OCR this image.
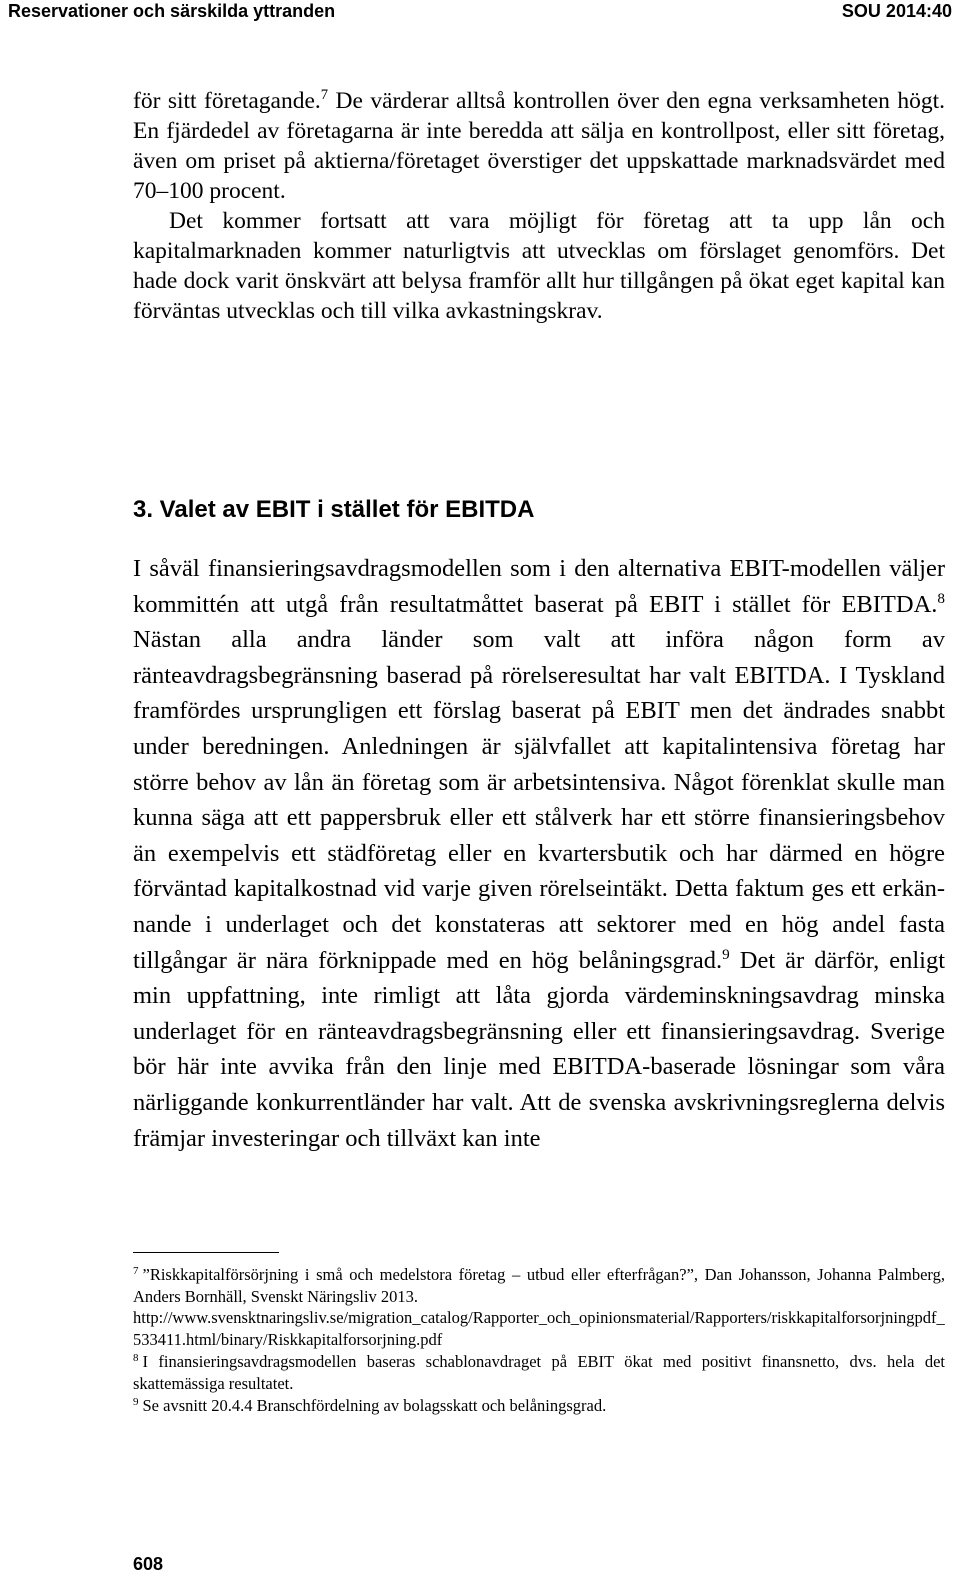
Reservationer och särskilda yttranden	SOU 2014:40

för sitt företagande.$^7$ De värderar alltså kontrollen över den egna verksamheten högt. En fjärdedel av företagarna är inte beredda att sälja en kontrollpost, eller sitt företag, även om priset på aktierna/företaget överstiger det uppskattade marknadsvärdet med 70–100 procent.

Det kommer fortsatt att vara möjligt för företag att ta upp lån och kapitalmarknaden kommer naturligtvis att utvecklas om förslaget genomförs. Det hade dock varit önskvärt att belysa framför allt hur tillgången på ökat eget kapital kan förväntas utvecklas och till vilka avkastningskrav.

3. Valet av EBIT i stället för EBITDA

I såväl finansieringsavdragsmodellen som i den alternativa EBIT-modellen väljer kommittén att utgå från resultatmåttet baserat på EBIT i stället för EBITDA.$^8$ Nästan alla andra länder som valt att införa någon form av ränteavdragsbegränsning baserad på rörelseresultat har valt EBITDA. I Tyskland framfördes ursprungligen ett förslag baserat på EBIT men det ändrades snabbt under beredningen. Anledningen är självfallet att kapitalintensiva företag har större behov av lån än företag som är arbetsintensiva. Något förenklat skulle man kunna säga att ett pappersbruk eller ett stålverk har ett större finansieringsbehov än exempelvis ett städföretag eller en kvartersbutik och har därmed en högre förväntad kapitalkostnad vid varje given rörelseintäkt. Detta faktum ges ett erkännande i underlaget och det konstateras att sektorer med en hög andel fasta tillgångar är nära förknippade med en hög belåningsgrad.$^9$ Det är därför, enligt min uppfattning, inte rimligt att låta gjorda värdeminskningsavdrag minska underlaget för en ränteavdragsbegränsning eller ett finansieringsavdrag. Sverige bör här inte avvika från den linje med EBITDA-baserade lösningar som våra närliggande konkurrentländer har valt. Att de svenska avskrivningsreglerna delvis främjar investeringar och tillväxt kan inte

$^7$ ”Riskkapitalförsörjning i små och medelstora företag – utbud eller efterfrågan?”, Dan Johansson, Johanna Palmberg, Anders Bornhäll, Svenskt Näringsliv 2013.
http://www.svensktnaringsliv.se/migration_catalog/Rapporter_och_opinionsmaterial/Rapporters/riskkapitalforsorjningpdf_533411.html/binary/Riskkapitalforsorjning.pdf

$^8$ I finansieringsavdragsmodellen baseras schablonavdraget på EBIT ökat med positivt finansnetto, dvs. hela det skattemässiga resultatet.

$^9$ Se avsnitt 20.4.4 Branschfördelning av bolagsskatt och belåningsgrad.

608
